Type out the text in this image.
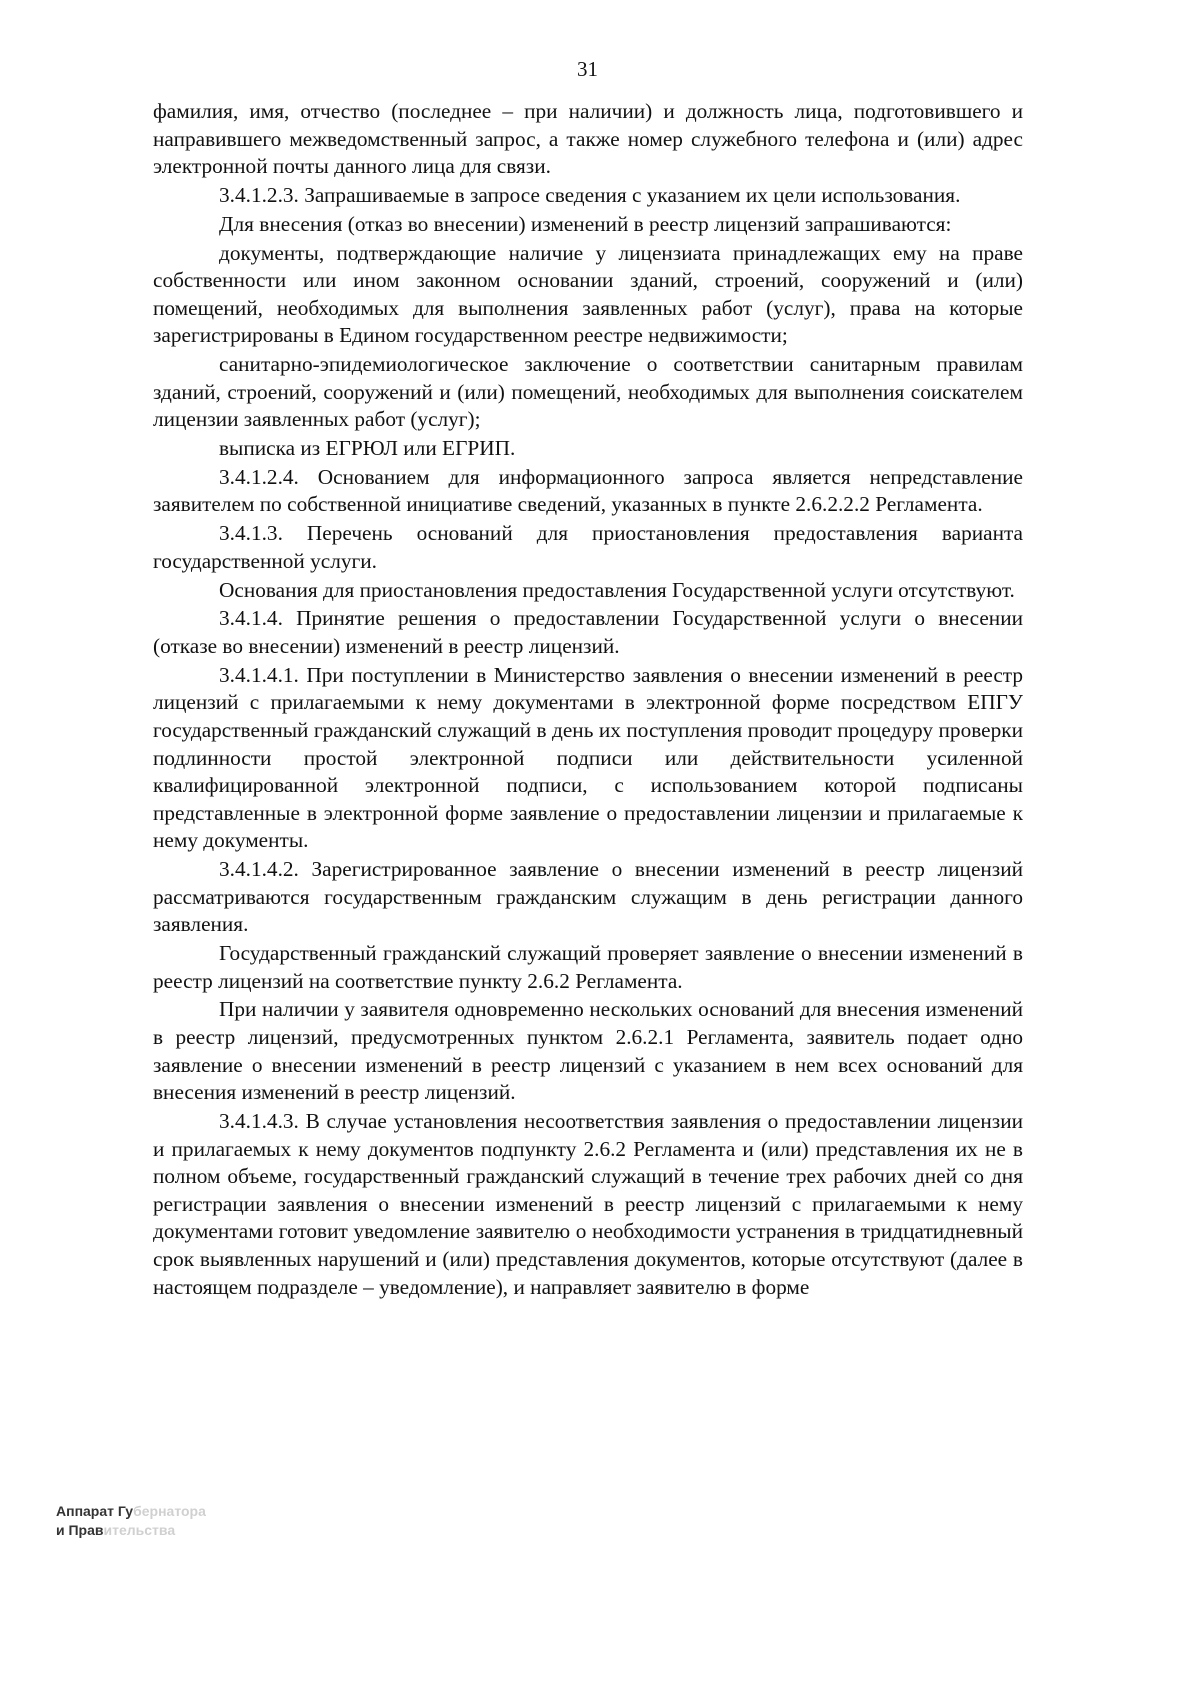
31

фамилия, имя, отчество (последнее – при наличии) и должность лица, подготовившего и направившего межведомственный запрос, а также номер служебного телефона и (или) адрес электронной почты данного лица для связи.

3.4.1.2.3. Запрашиваемые в запросе сведения с указанием их цели использования.

Для внесения (отказ во внесении) изменений в реестр лицензий запрашиваются:

документы, подтверждающие наличие у лицензиата принадлежащих ему на праве собственности или ином законном основании зданий, строений, сооружений и (или) помещений, необходимых для выполнения заявленных работ (услуг), права на которые зарегистрированы в Едином государственном реестре недвижимости;

санитарно-эпидемиологическое заключение о соответствии санитарным правилам зданий, строений, сооружений и (или) помещений, необходимых для выполнения соискателем лицензии заявленных работ (услуг);

выписка из ЕГРЮЛ или ЕГРИП.

3.4.1.2.4. Основанием для информационного запроса является непредставление заявителем по собственной инициативе сведений, указанных в пункте 2.6.2.2.2 Регламента.

3.4.1.3. Перечень оснований для приостановления предоставления варианта государственной услуги.

Основания для приостановления предоставления Государственной услуги отсутствуют.

3.4.1.4. Принятие решения о предоставлении Государственной услуги о внесении (отказе во внесении) изменений в реестр лицензий.

3.4.1.4.1. При поступлении в Министерство заявления о внесении изменений в реестр лицензий с прилагаемыми к нему документами в электронной форме посредством ЕПГУ государственный гражданский служащий в день их поступления проводит процедуру проверки подлинности простой электронной подписи или действительности усиленной квалифицированной электронной подписи, с использованием которой подписаны представленные в электронной форме заявление о предоставлении лицензии и прилагаемые к нему документы.

3.4.1.4.2. Зарегистрированное заявление о внесении изменений в реестр лицензий рассматриваются государственным гражданским служащим в день регистрации данного заявления.

Государственный гражданский служащий проверяет заявление о внесении изменений в реестр лицензий на соответствие пункту 2.6.2 Регламента.

При наличии у заявителя одновременно нескольких оснований для внесения изменений в реестр лицензий, предусмотренных пунктом 2.6.2.1 Регламента, заявитель подает одно заявление о внесении изменений в реестр лицензий с указанием в нем всех оснований для внесения изменений в реестр лицензий.

3.4.1.4.3. В случае установления несоответствия заявления о предоставлении лицензии и прилагаемых к нему документов подпункту 2.6.2 Регламента и (или) представления их не в полном объеме, государственный гражданский служащий в течение трех рабочих дней со дня регистрации заявления о внесении изменений в реестр лицензий с прилагаемыми к нему документами готовит уведомление заявителю о необходимости устранения в тридцатидневный срок выявленных нарушений и (или) представления документов, которые отсутствуют (далее в настоящем подразделе – уведомление), и направляет заявителю в форме

Аппарат Губернатора
и Правительства
